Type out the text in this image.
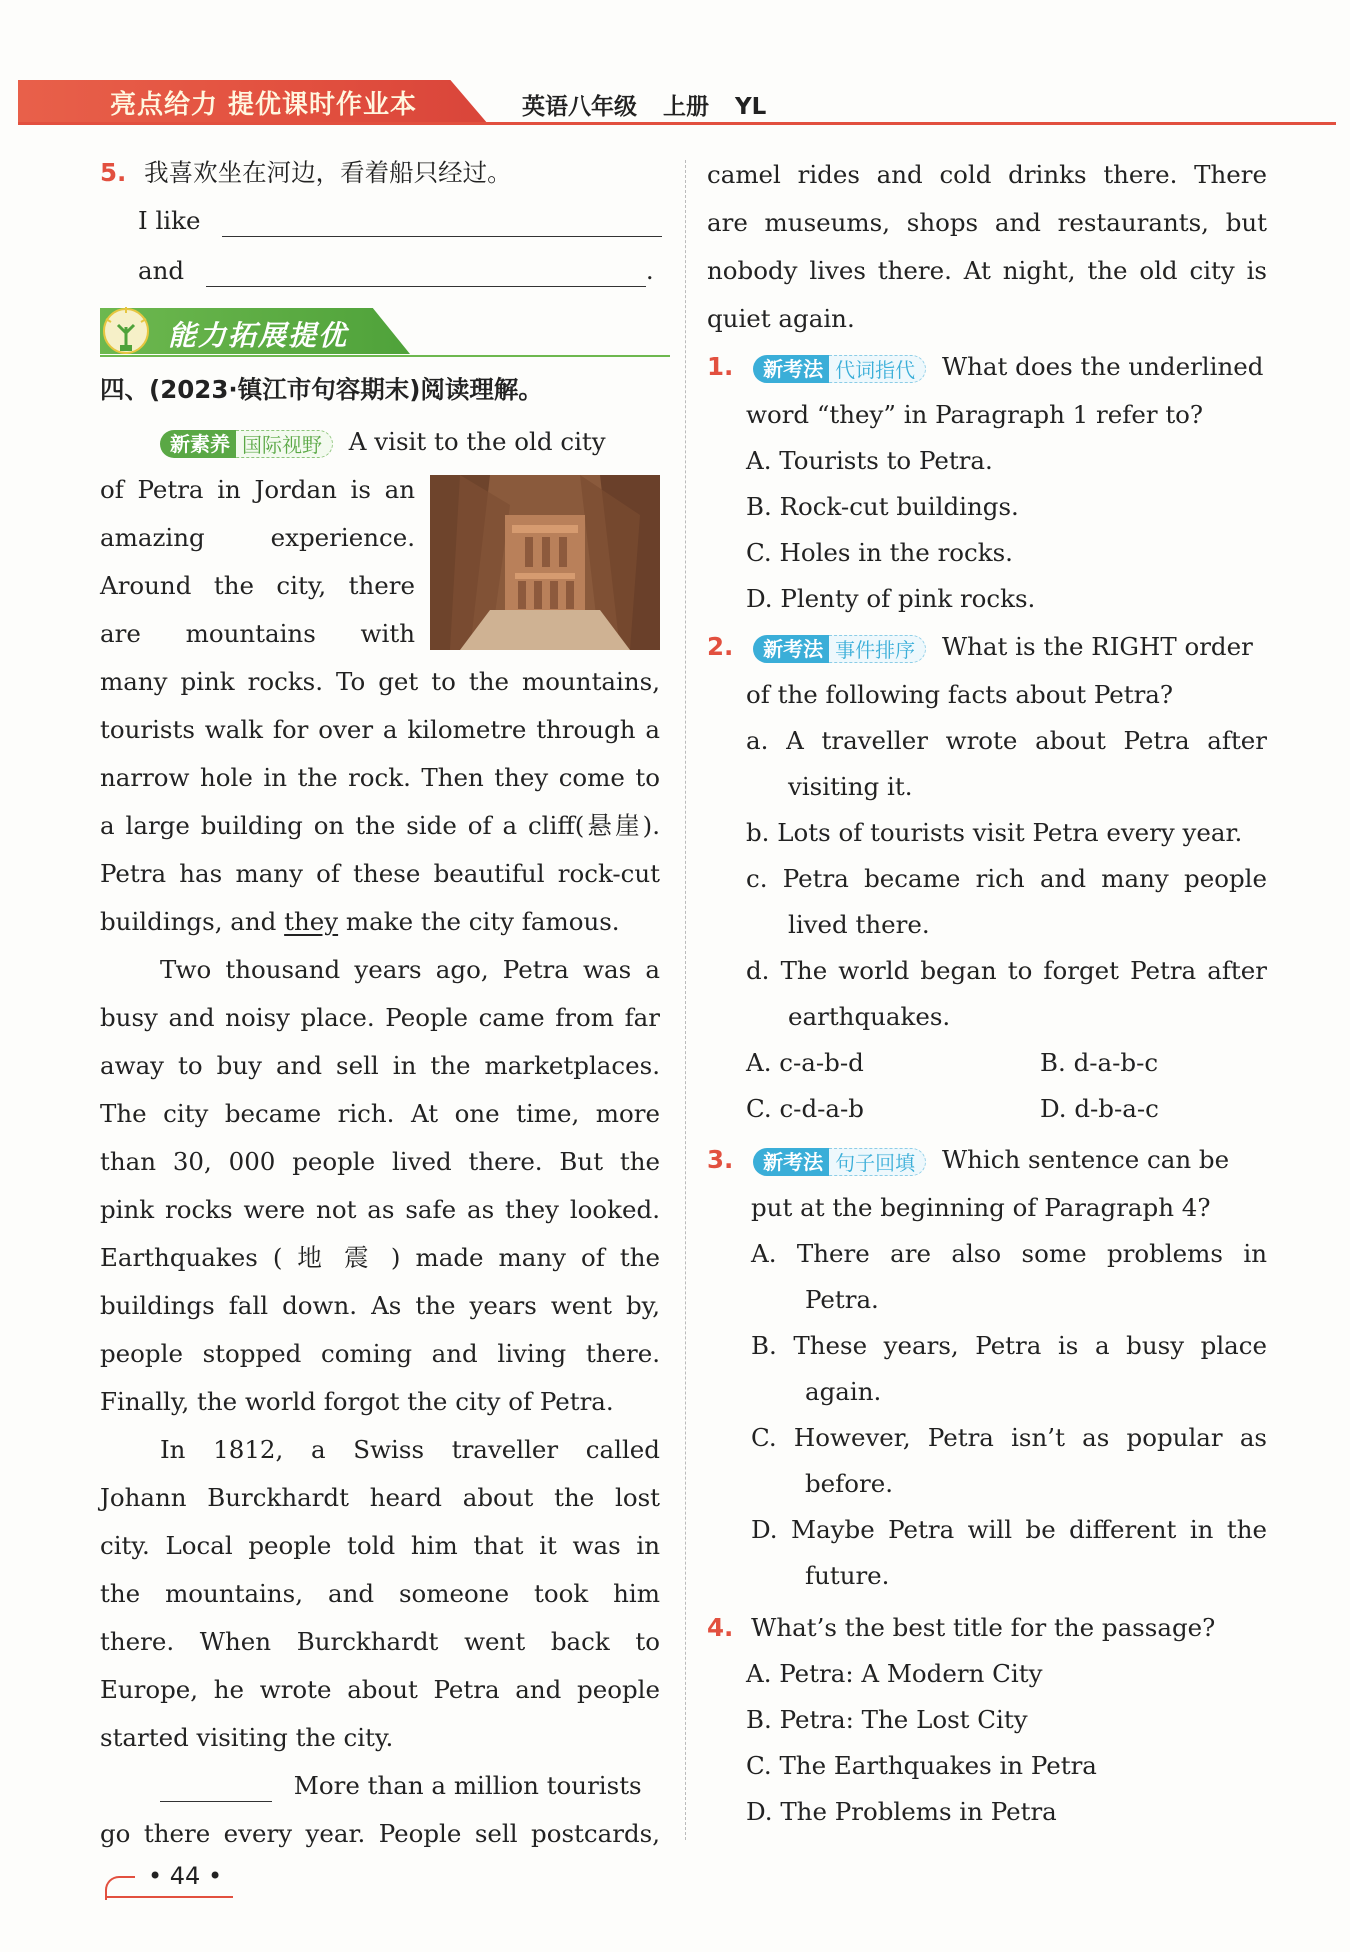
亮点给力 提优课时作业本	英语八年级 上册 YL
5. 我喜欢坐在河边，看着船只经过。
I like
and	.
能力拓展提优
四、(2023·镇江市句容期末)阅读理解。
新素养 国际视野	A visit to the old city
of Petra in Jordan is an
amazing experience.
Around the city, there
are mountains with
many pink rocks. To get to the mountains,
tourists walk for over a kilometre through a
narrow hole in the rock. Then they come to
a large building on the side of a cliff(悬崖).
Petra has many of these beautiful rock-cut
buildings, and they make the city famous.
Two thousand years ago, Petra was a
busy and noisy place. People came from far
away to buy and sell in the marketplaces.
The city became rich. At one time, more
than 30, 000 people lived there. But the
pink rocks were not as safe as they looked.
Earthquakes ( 地 震 ) made many of the
buildings fall down. As the years went by,
people stopped coming and living there.
Finally, the world forgot the city of Petra.
In 1812, a Swiss traveller called
Johann Burckhardt heard about the lost
city. Local people told him that it was in
the mountains, and someone took him
there. When Burckhardt went back to
Europe, he wrote about Petra and people
started visiting the city.
More than a million tourists
go there every year. People sell postcards,
camel rides and cold drinks there. There
are museums, shops and restaurants, but
nobody lives there. At night, the old city is
quiet again.
1.	新考法 代词指代	What does the underlined
word “they” in Paragraph 1 refer to?
A. Tourists to Petra.
B. Rock-cut buildings.
C. Holes in the rocks.
D. Plenty of pink rocks.
2.	新考法 事件排序	What is the RIGHT order
of the following facts about Petra?
a. A traveller wrote about Petra after
visiting it.
b. Lots of tourists visit Petra every year.
c. Petra became rich and many people
lived there.
d. The world began to forget Petra after
earthquakes.
A. c-a-b-d	B. d-a-b-c
C. c-d-a-b	D. d-b-a-c
3.	新考法 句子回填	Which sentence can be
put at the beginning of Paragraph 4?
A. There are also some problems in
Petra.
B. These years, Petra is a busy place
again.
C. However, Petra isn’t as popular as
before.
D. Maybe Petra will be different in the
future.
4. What’s the best title for the passage?
A. Petra: A Modern City
B. Petra: The Lost City
C. The Earthquakes in Petra
D. The Problems in Petra
• 44 •
